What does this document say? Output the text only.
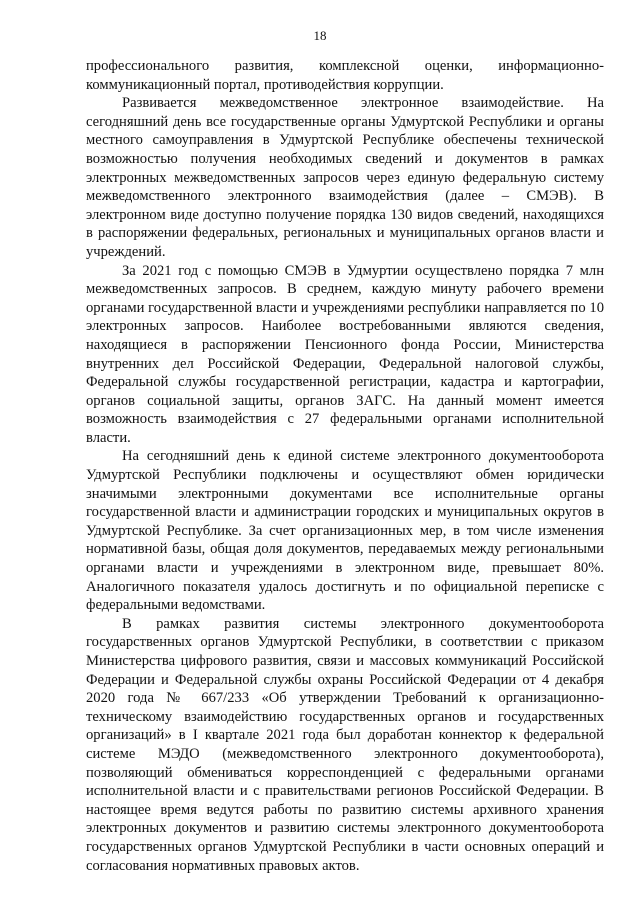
18

профессионального развития, комплексной оценки, информационно-коммуникационный портал, противодействия коррупции.

Развивается межведомственное электронное взаимодействие. На сегодняшний день все государственные органы Удмуртской Республики и органы местного самоуправления в Удмуртской Республике обеспечены технической возможностью получения необходимых сведений и документов в рамках электронных межведомственных запросов через единую федеральную систему межведомственного электронного взаимодействия (далее – СМЭВ). В электронном виде доступно получение порядка 130 видов сведений, находящихся в распоряжении федеральных, региональных и муниципальных органов власти и учреждений.

За 2021 год с помощью СМЭВ в Удмуртии осуществлено порядка 7 млн межведомственных запросов. В среднем, каждую минуту рабочего времени органами государственной власти и учреждениями республики направляется по 10 электронных запросов. Наиболее востребованными являются сведения, находящиеся в распоряжении Пенсионного фонда России, Министерства внутренних дел Российской Федерации, Федеральной налоговой службы, Федеральной службы государственной регистрации, кадастра и картографии, органов социальной защиты, органов ЗАГС. На данный момент имеется возможность взаимодействия с 27 федеральными органами исполнительной власти.

На сегодняшний день к единой системе электронного документооборота Удмуртской Республики подключены и осуществляют обмен юридически значимыми электронными документами все исполнительные органы государственной власти и администрации городских и муниципальных округов в Удмуртской Республике. За счет организационных мер, в том числе изменения нормативной базы, общая доля документов, передаваемых между региональными органами власти и учреждениями в электронном виде, превышает 80%. Аналогичного показателя удалось достигнуть и по официальной переписке с федеральными ведомствами.

В рамках развития системы электронного документооборота государственных органов Удмуртской Республики, в соответствии с приказом Министерства цифрового развития, связи и массовых коммуникаций Российской Федерации и Федеральной службы охраны Российской Федерации от 4 декабря 2020 года № 667/233 «Об утверждении Требований к организационно-техническому взаимодействию государственных органов и государственных организаций» в I квартале 2021 года был доработан коннектор к федеральной системе МЭДО (межведомственного электронного документооборота), позволяющий обмениваться корреспонденцией с федеральными органами исполнительной власти и с правительствами регионов Российской Федерации. В настоящее время ведутся работы по развитию системы архивного хранения электронных документов и развитию системы электронного документооборота государственных органов Удмуртской Республики в части основных операций и согласования нормативных правовых актов.
